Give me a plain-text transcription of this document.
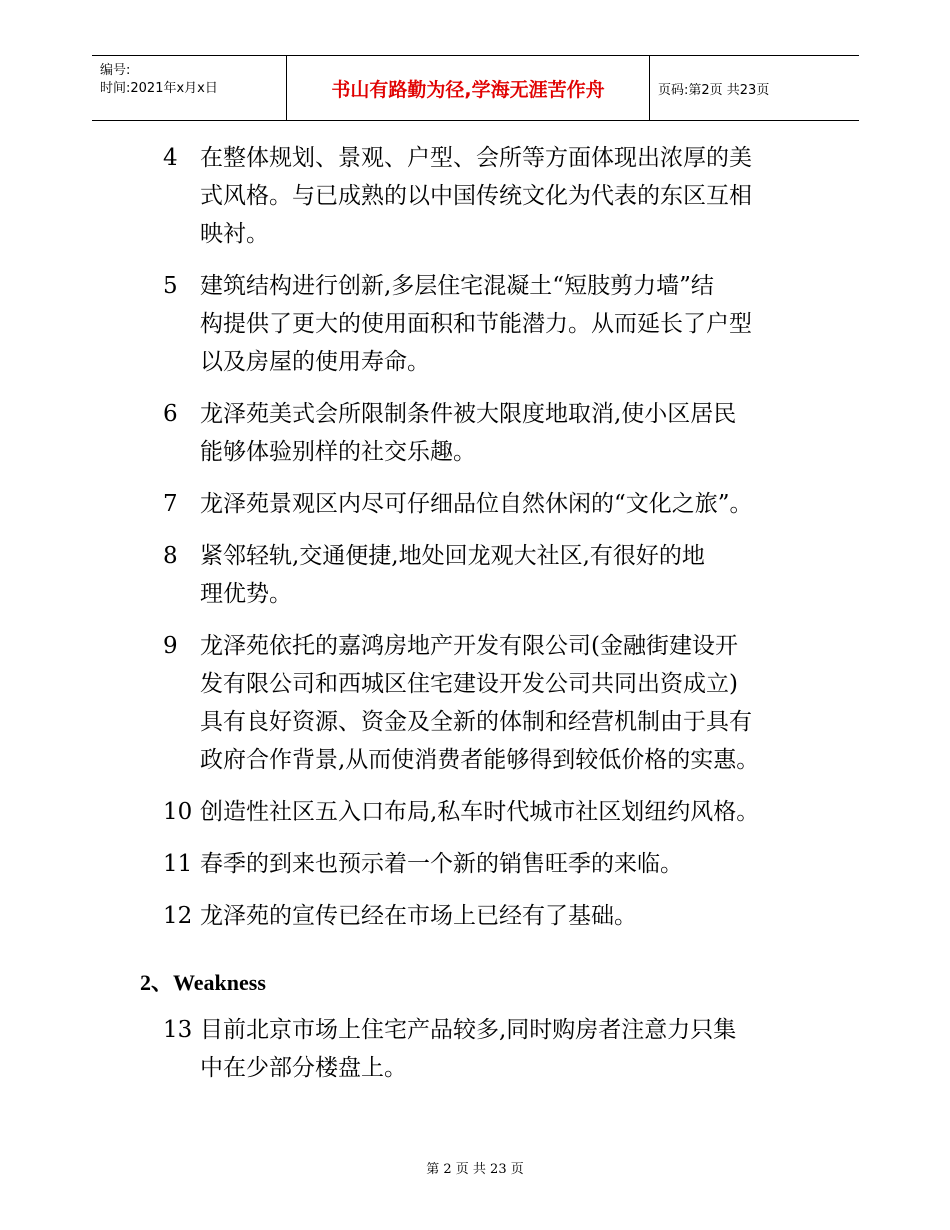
编号:
时间:2021年x月x日	书山有路勤为径,学海无涯苦作舟	页码:第2页 共23页
4 在整体规划、景观、户型、会所等方面体现出浓厚的美
式风格。与已成熟的以中国传统文化为代表的东区互相
映衬。
5 建筑结构进行创新,多层住宅混凝土“短肢剪力墙”结
构提供了更大的使用面积和节能潜力。从而延长了户型
以及房屋的使用寿命。
6 龙泽苑美式会所限制条件被大限度地取消,使小区居民
能够体验别样的社交乐趣。
7 龙泽苑景观区内尽可仔细品位自然休闲的“文化之旅”。
8 紧邻轻轨,交通便捷,地处回龙观大社区,有很好的地
理优势。
9 龙泽苑依托的嘉鸿房地产开发有限公司(金融街建设开
发有限公司和西城区住宅建设开发公司共同出资成立)
具有良好资源、资金及全新的体制和经营机制由于具有
政府合作背景,从而使消费者能够得到较低价格的实惠。
10 创造性社区五入口布局,私车时代城市社区划纽约风格。
11 春季的到来也预示着一个新的销售旺季的来临。
12 龙泽苑的宣传已经在市场上已经有了基础。
2、Weakness
13 目前北京市场上住宅产品较多,同时购房者注意力只集
中在少部分楼盘上。
第 2 页 共 23 页
